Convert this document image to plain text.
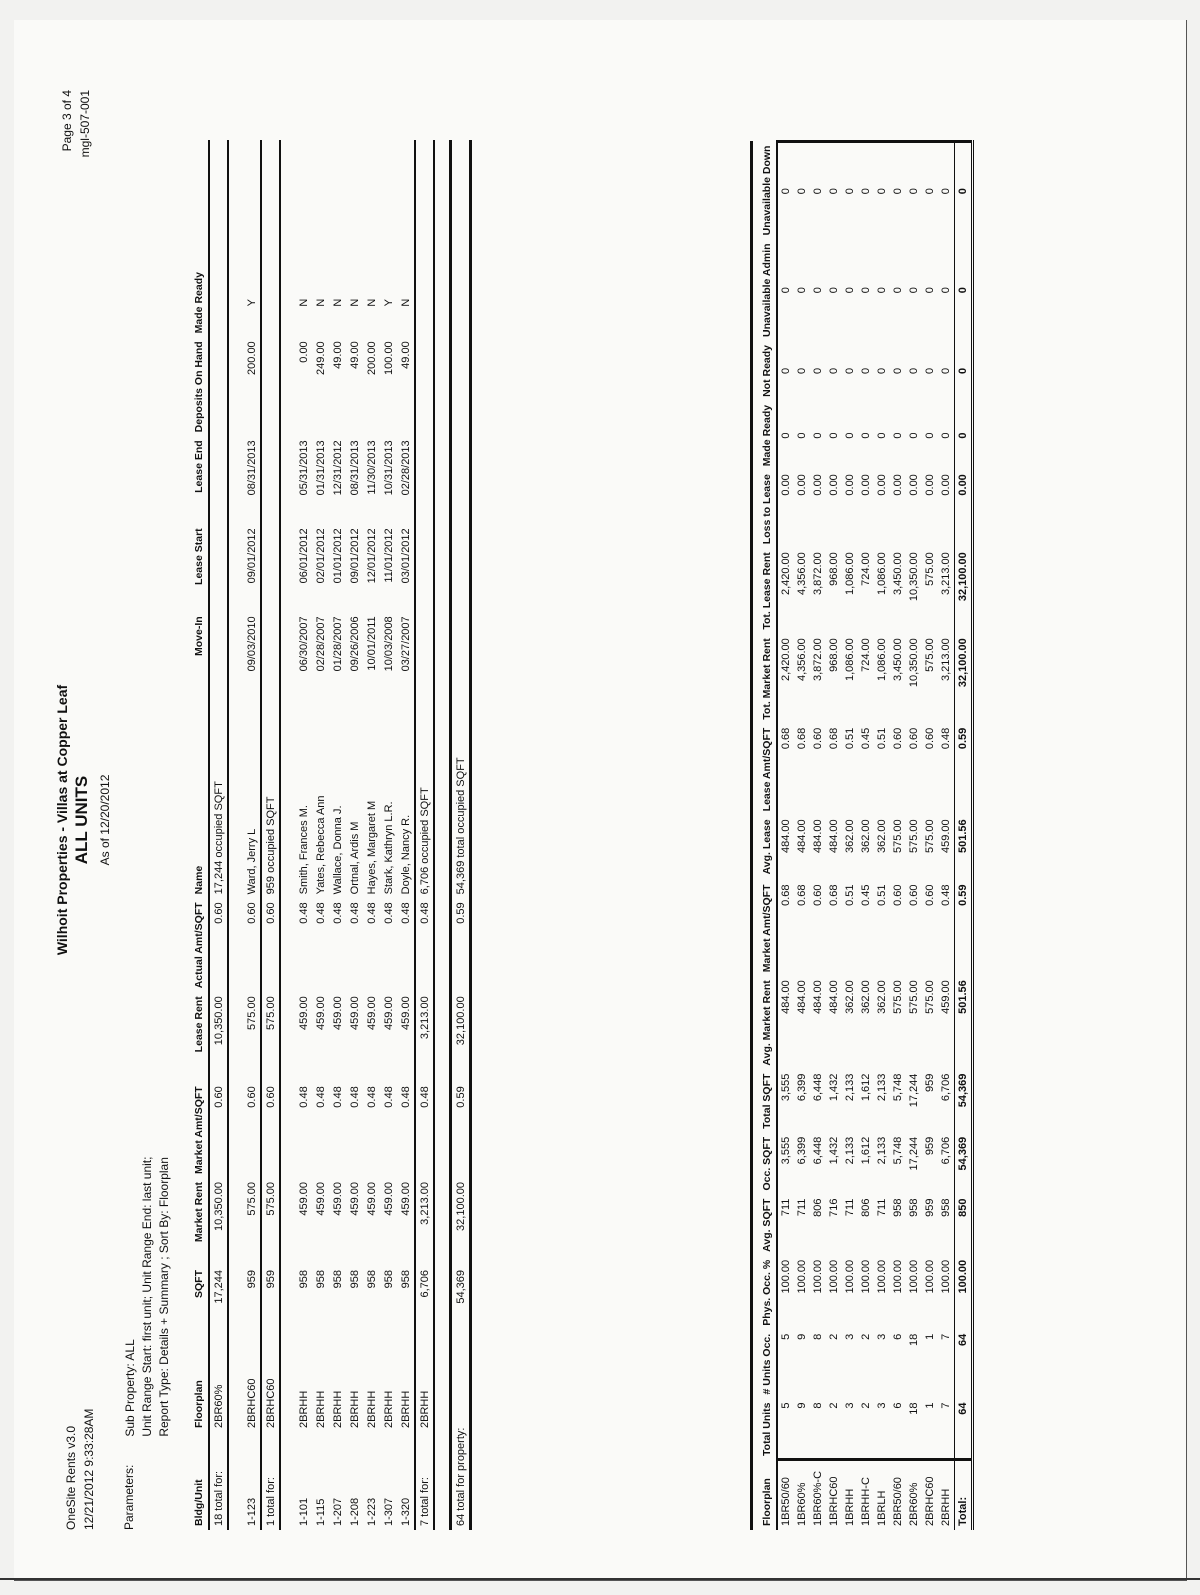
OneSite Rents v3.0 12/21/2012 9:33:28AM
Wilhoit Properties - Villas at Copper Leaf ALL UNITS As of 12/20/2012
Page 3 of 4 mgl-507-001
Parameters:
Sub Property: ALL Unit Range Start: first unit; Unit Range End: last unit; Report Type: Details + Summary ; Sort By: Floorplan
Bldg/Unit	Floorplan	SQFT	Market Rent	Market Amt/SQFT	Lease Rent	Actual Amt/SQFT	Name	Move-In	Lease Start	Lease End	Deposits On Hand	Made Ready	
18 total for:	2BR60%	17,244	10,350.00	0.60	10,350.00	0.60	17,244 occupied SQFT						

1-123	2BRHC60	959	575.00	0.60	575.00	0.60	Ward, Jerry L	09/03/2010	09/01/2012	08/31/2013	200.00	Y	
1 total for:	2BRHC60	959	575.00	0.60	575.00	0.60	959 occupied SQFT						

1-101	2BRHH	958	459.00	0.48	459.00	0.48	Smith, Frances M.	06/30/2007	06/01/2012	05/31/2013	0.00	N	
1-115	2BRHH	958	459.00	0.48	459.00	0.48	Yates, Rebecca Ann	02/28/2007	02/01/2012	01/31/2013	249.00	N	
1-207	2BRHH	958	459.00	0.48	459.00	0.48	Wallace, Donna J.	01/28/2007	01/01/2012	12/31/2012	49.00	N	
1-208	2BRHH	958	459.00	0.48	459.00	0.48	Ortnal, Ardis M	09/26/2006	09/01/2012	08/31/2013	49.00	N	
1-223	2BRHH	958	459.00	0.48	459.00	0.48	Hayes, Margaret M	10/01/2011	12/01/2012	11/30/2013	200.00	N	
1-307	2BRHH	958	459.00	0.48	459.00	0.48	Stark, Kathryn L.R.	10/03/2008	11/01/2012	10/31/2013	100.00	Y	
1-320	2BRHH	958	459.00	0.48	459.00	0.48	Doyle, Nancy R.	03/27/2007	03/01/2012	02/28/2013	49.00	N	
7 total for:	2BRHH	6,706	3,213.00	0.48	3,213.00	0.48	6,706 occupied SQFT						

64 total for property:		54,369	32,100.00	0.59	32,100.00	0.59	54,369 total occupied SQFT						
Floorplan	Total Units	# Units Occ.	Phys. Occ. %	Avg. SQFT	Occ. SQFT	Total SQFT	Avg. Market Rent	Market Amt/SQFT	Avg. Lease	Lease Amt/SQFT	Tot. Market Rent	Tot. Lease Rent	Loss to Lease	Made Ready	Not Ready	Unavailable Admin	Unavailable Down
1BR50/60	5	5	100.00	711	3,555	3,555	484.00	0.68	484.00	0.68	2,420.00	2,420.00	0.00	0	0	0	0
1BR60%	9	9	100.00	711	6,399	6,399	484.00	0.68	484.00	0.68	4,356.00	4,356.00	0.00	0	0	0	0
1BR60%-C	8	8	100.00	806	6,448	6,448	484.00	0.60	484.00	0.60	3,872.00	3,872.00	0.00	0	0	0	0
1BRHC60	2	2	100.00	716	1,432	1,432	484.00	0.68	484.00	0.68	968.00	968.00	0.00	0	0	0	0
1BRHH	3	3	100.00	711	2,133	2,133	362.00	0.51	362.00	0.51	1,086.00	1,086.00	0.00	0	0	0	0
1BRHH-C	2	2	100.00	806	1,612	1,612	362.00	0.45	362.00	0.45	724.00	724.00	0.00	0	0	0	0
1BRLH	3	3	100.00	711	2,133	2,133	362.00	0.51	362.00	0.51	1,086.00	1,086.00	0.00	0	0	0	0
2BR50/60	6	6	100.00	958	5,748	5,748	575.00	0.60	575.00	0.60	3,450.00	3,450.00	0.00	0	0	0	0
2BR60%	18	18	100.00	958	17,244	17,244	575.00	0.60	575.00	0.60	10,350.00	10,350.00	0.00	0	0	0	0
2BRHC60	1	1	100.00	959	959	959	575.00	0.60	575.00	0.60	575.00	575.00	0.00	0	0	0	0
2BRHH	7	7	100.00	958	6,706	6,706	459.00	0.48	459.00	0.48	3,213.00	3,213.00	0.00	0	0	0	0
Total:	64	64	100.00	850	54,369	54,369	501.56	0.59	501.56	0.59	32,100.00	32,100.00	0.00	0	0	0	0
